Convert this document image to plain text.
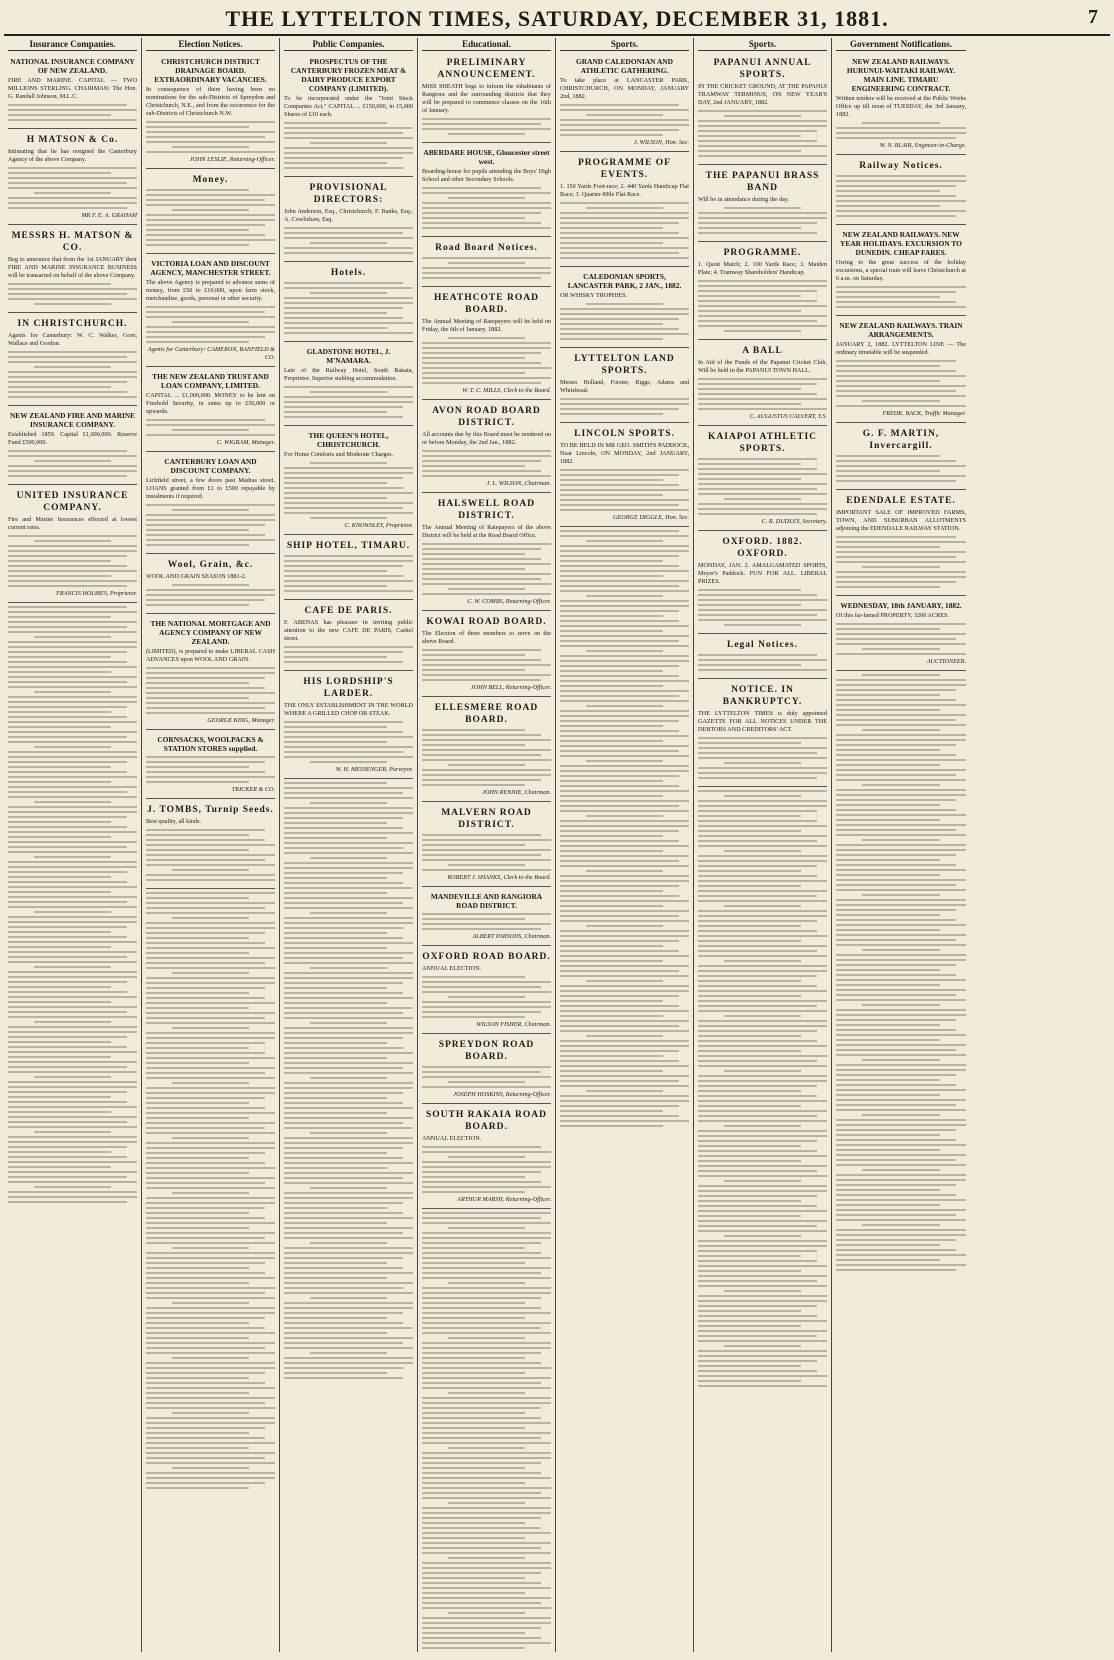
THE LYTTELTON TIMES, SATURDAY, DECEMBER 31, 1881.	7
Insurance Companies.
NATIONAL INSURANCE COMPANY OF NEW ZEALAND.
FIRE AND MARINE. CAPITAL — TWO MILLIONS STERLING. CHAIRMAN: The Hon. G. Randall Johnson, M.L.C.
H MATSON & Co.
Intimating that he has resigned the Canterbury Agency of the above Company.
MR F. E. A. GRAHAM
MESSRS H. MATSON & CO.
Beg to announce that from the 1st JANUARY their FIRE AND MARINE INSURANCE BUSINESS will be transacted on behalf of the above Company.
IN CHRISTCHURCH.
Agents for Canterbury: W. C. Walker, Gore; Wallace and Gordon.
NEW ZEALAND FIRE AND MARINE INSURANCE COMPANY.
Established 1859. Capital £1,000,000. Reserve Fund £500,000.
UNITED INSURANCE COMPANY.
Fire and Marine Insurances effected at lowest current rates.
FRANCIS HOLMES, Proprietor.
Election Notices.
CHRISTCHURCH DISTRICT DRAINAGE BOARD. EXTRAORDINARY VACANCIES.
In consequence of there having been no nominations for the sub-Districts of Spreydon and Christchurch, N.E., and from the occurrence for the sub-Districts of Christchurch N.W.
JOHN LESLIE, Returning-Officer.
Money.
VICTORIA LOAN AND DISCOUNT AGENCY, MANCHESTER STREET.
The above Agency is prepared to advance sums of money, from £50 to £10,000, upon farm stock, merchandise, goods, personal or other security.
Agents for Canterbury: CAMERON, BANFIELD & CO.
THE NEW ZEALAND TRUST AND LOAN COMPANY, LIMITED.
CAPITAL ... £1,000,000. MONEY to be lent on Freehold Security, in sums up to £50,000 or upwards.
C. WIGRAM, Manager.
CANTERBURY LOAN AND DISCOUNT COMPANY.
Lichfield street, a few doors past Madras street. LOANS granted from £1 to £500 repayable by instalments if required.
Wool, Grain, &c.
WOOL AND GRAIN SEASON 1881-2.
THE NATIONAL MORTGAGE AND AGENCY COMPANY OF NEW ZEALAND.
(LIMITED), is prepared to make LIBERAL CASH ADVANCES upon WOOL AND GRAIN.
GEORGE KING, Manager.
CORNSACKS, WOOLPACKS & STATION STORES supplied.
TRICKER & CO.
J. TOMBS, Turnip Seeds.
Best quality, all kinds.
Public Companies.
PROSPECTUS OF THE CANTERBURY FROZEN MEAT & DAIRY PRODUCE EXPORT COMPANY (LIMITED).
To be incorporated under the "Joint Stock Companies Act." CAPITAL ... £150,000, in 15,000 Shares of £10 each.
PROVISIONAL DIRECTORS:
John Anderson, Esq., Christchurch; F. Banks, Esq.; A. Cowlishaw, Esq.
Hotels.
GLADSTONE HOTEL, J. M'NAMARA.
Late of the Railway Hotel, South Rakaia, Proprietor. Superior stabling accommodation.
THE QUEEN'S HOTEL, CHRISTCHURCH.
For Home Comforts and Moderate Charges.
C. KNOWSLEY, Proprietor.
SHIP HOTEL, TIMARU.
CAFE DE PARIS.
F. ABENAS has pleasure in inviting public attention to the new CAFE DE PARIS, Cashel street.
HIS LORDSHIP'S LARDER.
THE ONLY ESTABLISHMENT IN THE WORLD WHERE A GRILLED CHOP OR STEAK.
W. H. MESSENGER, Purveyor.
Educational.
PRELIMINARY ANNOUNCEMENT.
MISS SHEATH begs to inform the inhabitants of Rangiora and the surrounding districts that they will be prepared to commence classes on the 16th of January.
ABERDARE HOUSE, Gloucester street west.
Boarding-house for pupils attending the Boys' High School and other Secondary Schools.
Road Board Notices.
HEATHCOTE ROAD BOARD.
The Annual Meeting of Ratepayers will be held on Friday, the 6th of January, 1882.
W. T. C. MILLS, Clerk to the Board.
AVON ROAD BOARD DISTRICT.
All accounts due by this Board must be rendered on or before Monday, the 2nd Jan., 1882.
J. L. WILSON, Chairman.
HALSWELL ROAD DISTRICT.
The Annual Meeting of Ratepayers of the above District will be held at the Road Board Office.
C. W. COMBS, Returning-Officer.
KOWAI ROAD BOARD.
The Election of three members to serve on the above Board.
JOHN BELL, Returning-Officer.
ELLESMERE ROAD BOARD.
JOHN RENNIE, Chairman.
MALVERN ROAD DISTRICT.
ROBERT J. SHANKS, Clerk to the Board.
MANDEVILLE AND RANGIORA ROAD DISTRICT.
ALBERT PARSONS, Chairman.
OXFORD ROAD BOARD.
ANNUAL ELECTION.
WILSON FISHER, Chairman.
SPREYDON ROAD BOARD.
JOSEPH HOSKINS, Returning-Officer.
SOUTH RAKAIA ROAD BOARD.
ANNUAL ELECTION.
ARTHUR MARSH, Returning-Officer.
Sports.
GRAND CALEDONIAN AND ATHLETIC GATHERING.
To take place at LANCASTER PARK, CHRISTCHURCH, ON MONDAY, JANUARY 2nd, 1882.
J. WILSON, Hon. Sec.
PROGRAMME OF EVENTS.
1. 150 Yards Foot-race; 2. 440 Yards Handicap Flat Race; 3. Quarter-Mile Flat Race.
CALEDONIAN SPORTS, LANCASTER PARK, 2 JAN., 1882.
OR WHISKY TROPHIES.
LYTTELTON LAND SPORTS.
Messrs Holland, Forster, Riggs, Adams and Whitehead.
LINCOLN SPORTS.
TO BE HELD IN MR GEO. SMITH'S PADDOCK, Near Lincoln, ON MONDAY, 2nd JANUARY, 1882.
GEORGE DIGGLE, Hon. Sec.
Sports.
PAPANUI ANNUAL SPORTS.
IN THE CRICKET GROUND, AT THE PAPANUI TRAMWAY TERMINUS, ON NEW YEAR'S DAY, 2nd JANUARY, 1882.
THE PAPANUI BRASS BAND
Will be in attendance during the day.
PROGRAMME.
1. Quoit Match; 2. 100 Yards Race; 3. Maiden Plate; 4. Tramway Shareholders' Handicap.
A BALL
In Aid of the Funds of the Papanui Cricket Club, Will be held in the PAPANUI TOWN HALL.
C. AUGUSTUS CALVERT, Y.S.
KAIAPOI ATHLETIC SPORTS.
C. R. DUDLEY, Secretary.
OXFORD. 1882. OXFORD.
MONDAY, JAN. 2. AMALGAMATED SPORTS, Meyer's Paddock. FUN FOR ALL. LIBERAL PRIZES.
Legal Notices.
NOTICE. IN BANKRUPTCY.
THE LYTTELTON TIMES is duly appointed GAZETTE FOR ALL NOTICES UNDER THE DEBTORS AND CREDITORS' ACT.
Government Notifications.
NEW ZEALAND RAILWAYS. HURUNUI-WAITAKI RAILWAY. MAIN LINE. TIMARU ENGINEERING CONTRACT.
Written tenders will be received at the Public Works Office up till noon of TUESDAY, the 3rd January, 1882.
W. N. BLAIR, Engineer-in-Charge.
Railway Notices.
NEW ZEALAND RAILWAYS. NEW YEAR HOLIDAYS. EXCURSION TO DUNEDIN. CHEAP FARES.
Owing to the great success of the holiday excursions, a special train will leave Christchurch at 6 a.m. on Saturday.
NEW ZEALAND RAILWAYS. TRAIN ARRANGEMENTS.
JANUARY 2, 1882. LYTTELTON LINE — The ordinary timetable will be suspended.
FREDK. BACK, Traffic Manager.
G. F. MARTIN, Invercargill.
EDENDALE ESTATE.
IMPORTANT SALE OF IMPROVED FARMS, TOWN, AND SUBURBAN ALLOTMENTS adjoining the EDENDALE RAILWAY STATION.
WEDNESDAY, 18th JANUARY, 1882.
Of this far-famed PROPERTY, 3200 ACRES.
AUCTIONEER.
